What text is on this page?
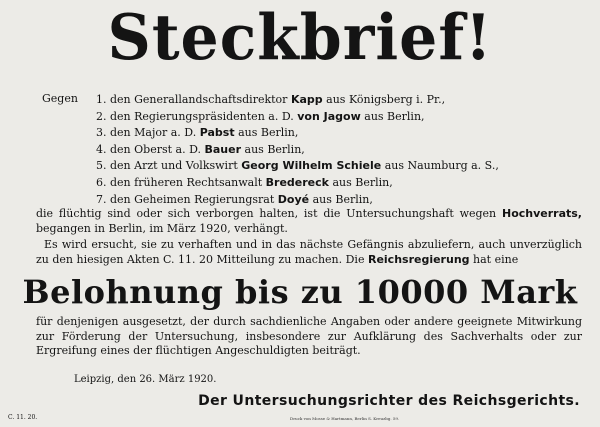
Steckbrief!
Gegen 1. den Generallandschaftsdirektor Kapp aus Königsberg i. Pr.,
2. den Regierungspräsidenten a. D. von Jagow aus Berlin,
3. den Major a. D. Pabst aus Berlin,
4. den Oberst a. D. Bauer aus Berlin,
5. den Arzt und Volkswirt Georg Wilhelm Schiele aus Naumburg a. S.,
6. den früheren Rechtsanwalt Bredereck aus Berlin,
7. den Geheimen Regierungsrat Doyé aus Berlin,

die flüchtig sind oder sich verborgen halten, ist die Untersuchungshaft wegen Hochverrats, begangen in Berlin, im März 1920, verhängt.

Es wird ersucht, sie zu verhaften und in das nächste Gefängnis abzuliefern, auch unverzüglich zu den hiesigen Akten C. 11. 20 Mitteilung zu machen. Die Reichsregierung hat eine

Belohnung bis zu 10000 Mark

für denjenigen ausgesetzt, der durch sachdienliche Angaben oder andere geeignete Mitwirkung zur Förderung der Untersuchung, insbesondere zur Aufklärung des Sachverhalts oder zur Ergreifung eines der flüchtigen Angeschuldigten beiträgt.

Leipzig, den 26. März 1920.
Der Untersuchungsrichter des Reichsgerichts.
C. 11. 20.	Druck von Mosse & Hartmann, Berlin S. Kreuzbg. 59.
